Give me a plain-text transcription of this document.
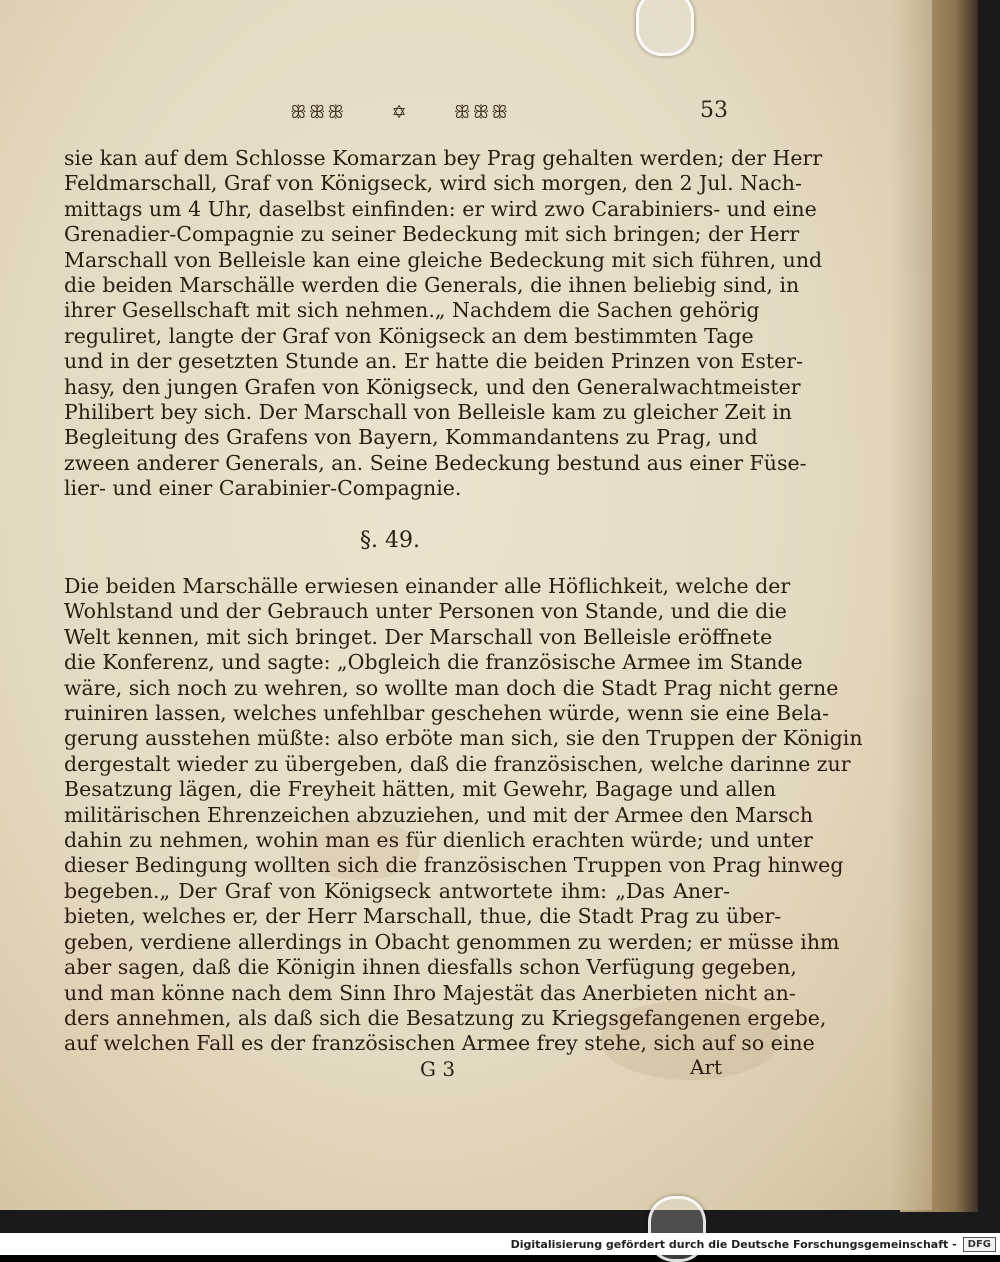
ꕥꕥꕥ	✡	ꕥꕥꕥ	53
sie kan auf dem Schlosse Komarzan bey Prag gehalten werden; der Herr
Feldmarschall, Graf von Königseck, wird sich morgen, den 2 Jul. Nach-
mittags um 4 Uhr, daselbst einfinden: er wird zwo Carabiniers- und eine
Grenadier-Compagnie zu seiner Bedeckung mit sich bringen; der Herr
Marschall von Belleisle kan eine gleiche Bedeckung mit sich führen, und
die beiden Marschälle werden die Generals, die ihnen beliebig sind, in
ihrer Gesellschaft mit sich nehmen.„ Nachdem die Sachen gehörig
reguliret, langte der Graf von Königseck an dem bestimmten Tage
und in der gesetzten Stunde an. Er hatte die beiden Prinzen von Ester-
hasy, den jungen Grafen von Königseck, und den Generalwachtmeister
Philibert bey sich. Der Marschall von Belleisle kam zu gleicher Zeit in
Begleitung des Grafens von Bayern, Kommandantens zu Prag, und
zween anderer Generals, an. Seine Bedeckung bestund aus einer Füse-
lier- und einer Carabinier-Compagnie.
§. 49.
Die beiden Marschälle erwiesen einander alle Höflichkeit, welche der
Wohlstand und der Gebrauch unter Personen von Stande, und die die
Welt kennen, mit sich bringet. Der Marschall von Belleisle eröffnete
die Konferenz, und sagte: „Obgleich die französische Armee im Stande
wäre, sich noch zu wehren, so wollte man doch die Stadt Prag nicht gerne
ruiniren lassen, welches unfehlbar geschehen würde, wenn sie eine Bela-
gerung ausstehen müßte: also erböte man sich, sie den Truppen der Königin
dergestalt wieder zu übergeben, daß die französischen, welche darinne zur
Besatzung lägen, die Freyheit hätten, mit Gewehr, Bagage und allen
militärischen Ehrenzeichen abzuziehen, und mit der Armee den Marsch
dahin zu nehmen, wohin man es für dienlich erachten würde; und unter
dieser Bedingung wollten sich die französischen Truppen von Prag hinweg
begeben.„ Der Graf von Königseck antwortete ihm: „Das Aner-
bieten, welches er, der Herr Marschall, thue, die Stadt Prag zu über-
geben, verdiene allerdings in Obacht genommen zu werden; er müsse ihm
aber sagen, daß die Königin ihnen diesfalls schon Verfügung gegeben,
und man könne nach dem Sinn Ihro Majestät das Anerbieten nicht an-
ders annehmen, als daß sich die Besatzung zu Kriegsgefangenen ergebe,
auf welchen Fall es der französischen Armee frey stehe, sich auf so eine
G 3	Art
Digitalisierung gefördert durch die Deutsche Forschungsgemeinschaft -	DFG
